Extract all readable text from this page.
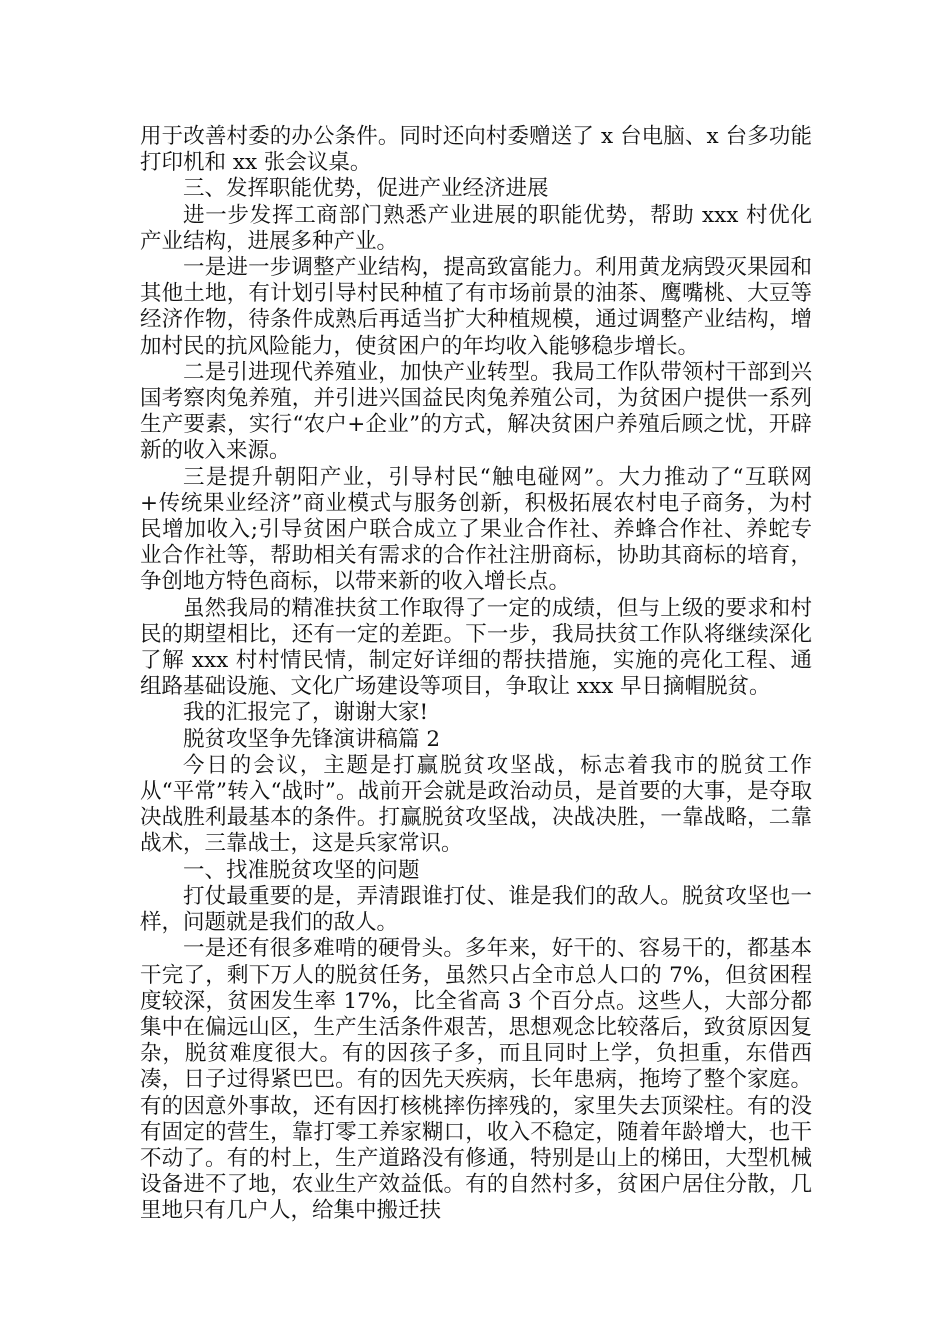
用于改善村委的办公条件。同时还向村委赠送了 x 台电脑、x 台多功能打印机和 xx 张会议桌。

三、发挥职能优势，促进产业经济进展

进一步发挥工商部门熟悉产业进展的职能优势，帮助 xxx 村优化产业结构，进展多种产业。

一是进一步调整产业结构，提高致富能力。利用黄龙病毁灭果园和其他土地，有计划引导村民种植了有市场前景的油茶、鹰嘴桃、大豆等经济作物，待条件成熟后再适当扩大种植规模，通过调整产业结构，增加村民的抗风险能力，使贫困户的年均收入能够稳步增长。

二是引进现代养殖业，加快产业转型。我局工作队带领村干部到兴国考察肉兔养殖，并引进兴国益民肉兔养殖公司，为贫困户提供一系列生产要素，实行“农户+企业”的方式，解决贫困户养殖后顾之忧，开辟新的收入来源。

三是提升朝阳产业，引导村民“触电碰网”。大力推动了“互联网+传统果业经济”商业模式与服务创新，积极拓展农村电子商务，为村民增加收入;引导贫困户联合成立了果业合作社、养蜂合作社、养蛇专业合作社等，帮助相关有需求的合作社注册商标，协助其商标的培育，争创地方特色商标，以带来新的收入增长点。

虽然我局的精准扶贫工作取得了一定的成绩，但与上级的要求和村民的期望相比，还有一定的差距。下一步，我局扶贫工作队将继续深化了解 xxx 村村情民情，制定好详细的帮扶措施，实施的亮化工程、通组路基础设施、文化广场建设等项目，争取让 xxx 早日摘帽脱贫。

我的汇报完了，谢谢大家!

脱贫攻坚争先锋演讲稿篇 2

今日的会议，主题是打赢脱贫攻坚战，标志着我市的脱贫工作从“平常”转入“战时”。战前开会就是政治动员，是首要的大事，是夺取决战胜利最基本的条件。打赢脱贫攻坚战，决战决胜，一靠战略，二靠战术，三靠战士，这是兵家常识。

一、找准脱贫攻坚的问题

打仗最重要的是，弄清跟谁打仗、谁是我们的敌人。脱贫攻坚也一样，问题就是我们的敌人。

一是还有很多难啃的硬骨头。多年来，好干的、容易干的，都基本干完了，剩下万人的脱贫任务，虽然只占全市总人口的 7%，但贫困程度较深，贫困发生率 17%，比全省高 3 个百分点。这些人，大部分都集中在偏远山区，生产生活条件艰苦，思想观念比较落后，致贫原因复杂，脱贫难度很大。有的因孩子多，而且同时上学，负担重，东借西凑，日子过得紧巴巴。有的因先天疾病，长年患病，拖垮了整个家庭。有的因意外事故，还有因打核桃摔伤摔残的，家里失去顶梁柱。有的没有固定的营生，靠打零工养家糊口，收入不稳定，随着年龄增大，也干不动了。有的村上，生产道路没有修通，特别是山上的梯田，大型机械设备进不了地，农业生产效益低。有的自然村多，贫困户居住分散，几里地只有几户人，给集中搬迁扶
